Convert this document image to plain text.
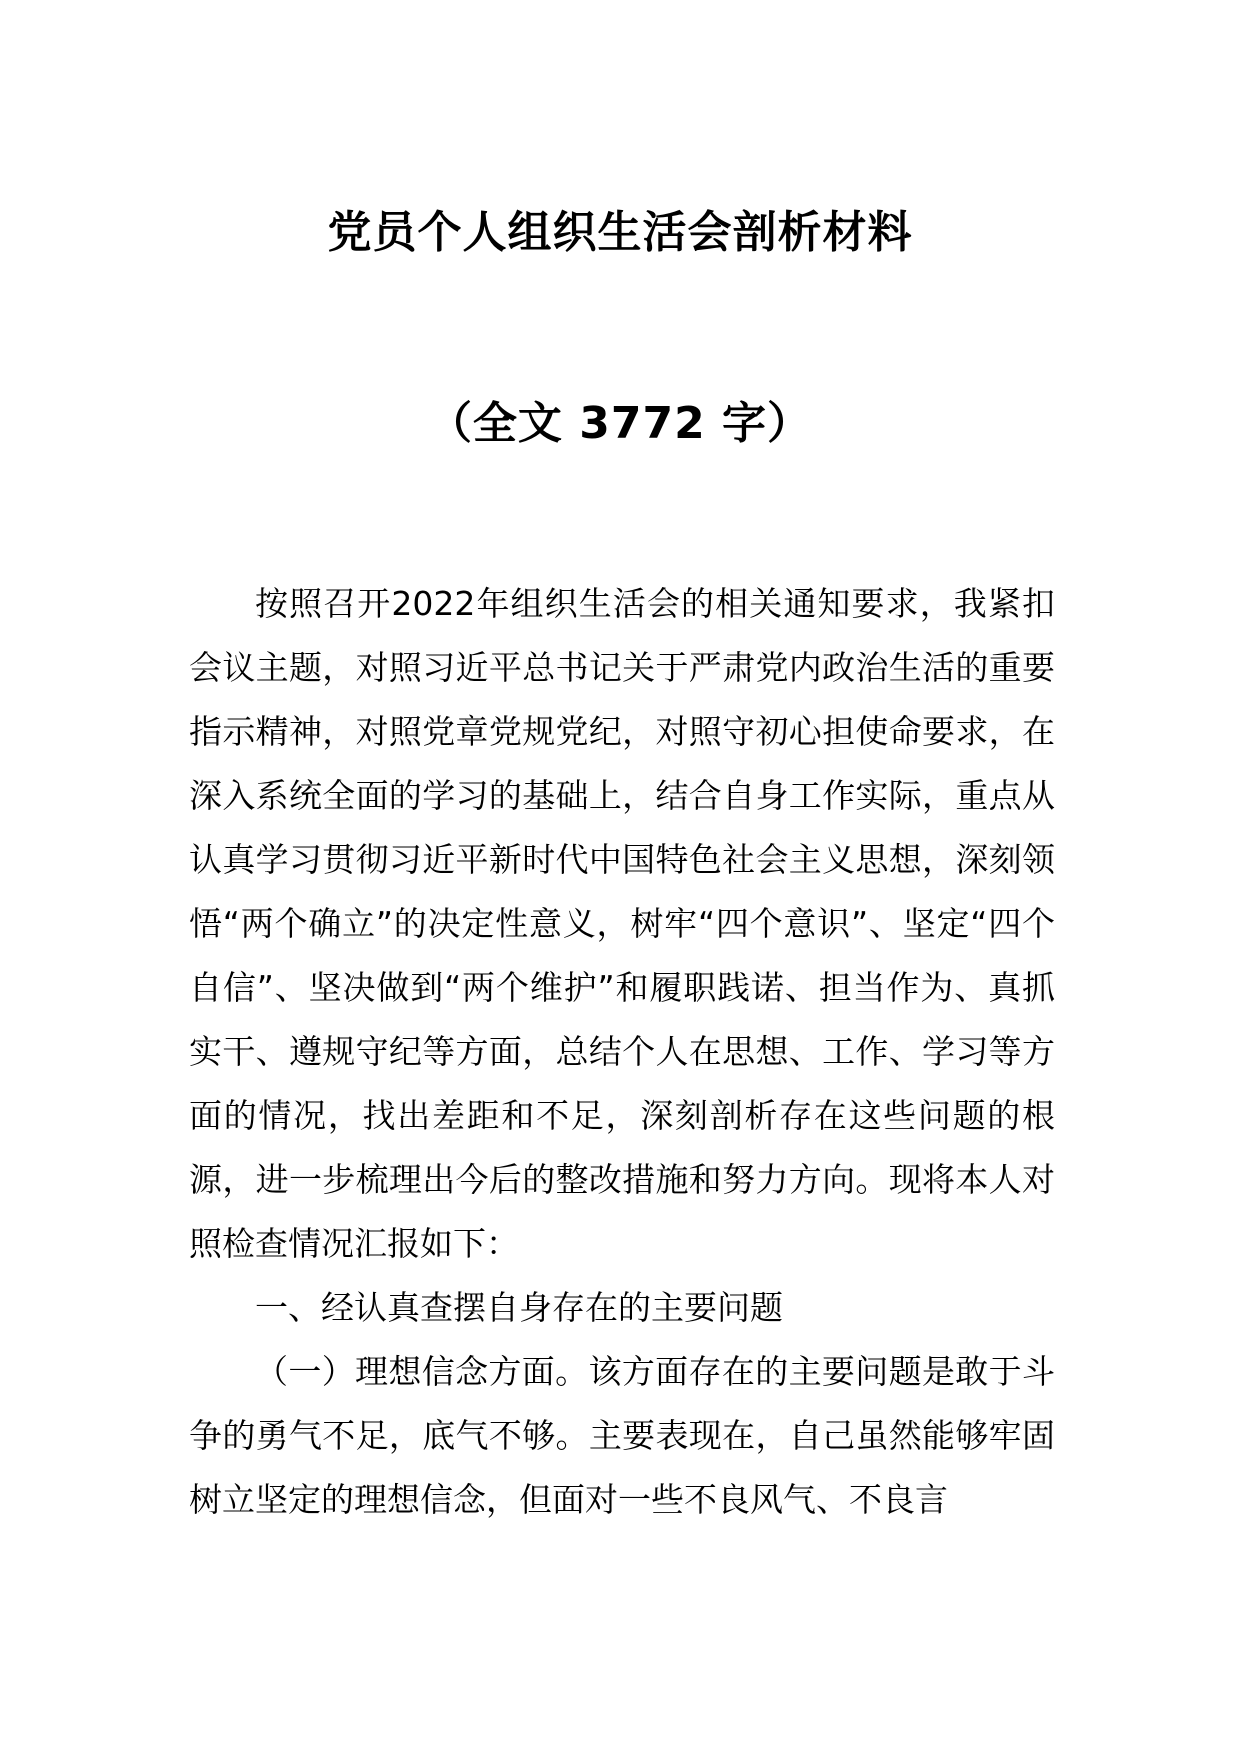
党员个人组织生活会剖析材料
（全文 3772 字）

按照召开2022年组织生活会的相关通知要求，我紧扣会议主题，对照习近平总书记关于严肃党内政治生活的重要指示精神，对照党章党规党纪，对照守初心担使命要求，在深入系统全面的学习的基础上，结合自身工作实际，重点从认真学习贯彻习近平新时代中国特色社会主义思想，深刻领悟“两个确立”的决定性意义，树牢“四个意识”、坚定“四个自信”、坚决做到“两个维护”和履职践诺、担当作为、真抓实干、遵规守纪等方面，总结个人在思想、工作、学习等方面的情况，找出差距和不足，深刻剖析存在这些问题的根源，进一步梳理出今后的整改措施和努力方向。现将本人对照检查情况汇报如下：

一、经认真查摆自身存在的主要问题

（一）理想信念方面。该方面存在的主要问题是敢于斗争的勇气不足，底气不够。主要表现在，自己虽然能够牢固树立坚定的理想信念，但面对一些不良风气、不良言
